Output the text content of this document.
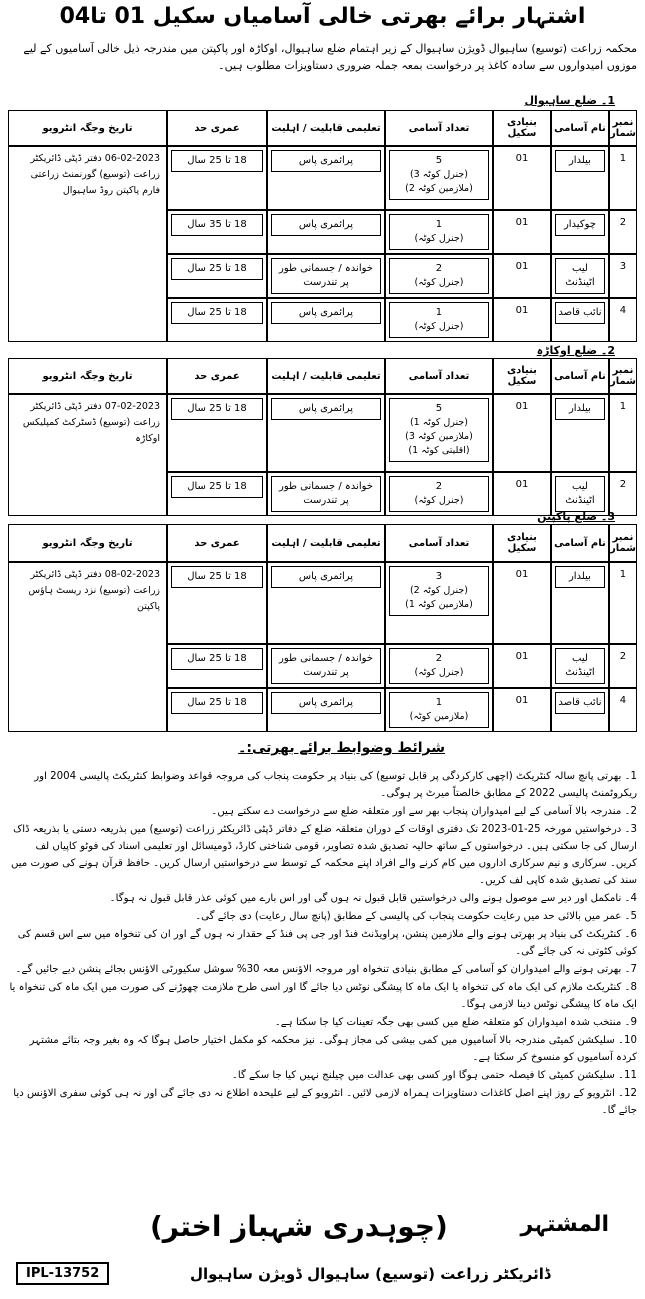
اشتہار برائے بھرتی خالی آسامیاں سکیل 01 تا04
محکمہ زراعت (توسیع) ساہیوال ڈویژن ساہیوال کے زیر اہتمام ضلع ساہیوال، اوکاڑہ اور پاکپتن میں مندرجہ ذیل خالی آسامیوں کے لیے موزوں امیدواروں سے سادہ کاغذ پر درخواست بمعہ جملہ ضروری دستاویزات مطلوب ہیں۔
1۔ ضلع ساہیوال
نمبر شمار	نام آسامی	بنیادی سکیل	تعداد آسامی	تعلیمی قابلیت / اہلیت	عمری حد	تاریخ وجگہ انٹرویو

1	بیلدار	01	5
(جنرل کوٹہ 3)
(ملازمین کوٹہ 2)	پرائمری پاس	18 تا 25 سال	06-02-2023 دفتر ڈپٹی ڈائریکٹر زراعت (توسیع) گورنمنٹ زراعتی فارم پاکپتن روڈ ساہیوال

2	چوکیدار	01	1
(جنرل کوٹہ)	پرائمری پاس	18 تا 35 سال	

3	لیب اٹینڈنٹ	01	2
(جنرل کوٹہ)	خواندہ / جسمانی طور پر تندرست	18 تا 25 سال	

4	نائب قاصد	01	1
(جنرل کوٹہ)	پرائمری پاس	18 تا 25 سال	
2۔ ضلع اوکاڑہ
نمبر شمار	نام آسامی	بنیادی سکیل	تعداد آسامی	تعلیمی قابلیت / اہلیت	عمری حد	تاریخ وجگہ انٹرویو

1	بیلدار	01	5
(جنرل کوٹہ 1)
(ملازمین کوٹہ 3)
(اقلیتی کوٹہ 1)	پرائمری پاس	18 تا 25 سال	07-02-2023 دفتر ڈپٹی ڈائریکٹر زراعت (توسیع) ڈسٹرکٹ کمپلیکس اوکاڑہ

2	لیب اٹینڈنٹ	01	2
(جنرل کوٹہ)	خواندہ / جسمانی طور پر تندرست	18 تا 25 سال	
3۔ ضلع پاکپتن
نمبر شمار	نام آسامی	بنیادی سکیل	تعداد آسامی	تعلیمی قابلیت / اہلیت	عمری حد	تاریخ وجگہ انٹرویو

1	بیلدار	01	3
(جنرل کوٹہ 2)
(ملازمین کوٹہ 1)	پرائمری پاس	18 تا 25 سال	08-02-2023 دفتر ڈپٹی ڈائریکٹر زراعت (توسیع) نزد ریسٹ ہاؤس پاکپتن

2	لیب اٹینڈنٹ	01	2
(جنرل کوٹہ)	خواندہ / جسمانی طور پر تندرست	18 تا 25 سال	

4	نائب قاصد	01	1
(ملازمین کوٹہ)	پرائمری پاس	18 تا 25 سال	
شرائط وضوابط برائے بھرتی:۔

1۔ بھرتی پانچ سالہ کنٹریکٹ (اچھی کارکردگی پر قابل توسیع) کی بنیاد پر حکومت پنجاب کی مروجہ قواعد وضوابط کنٹریکٹ پالیسی 2004 اور ریکروٹمنٹ پالیسی 2022 کے مطابق خالصتاً میرٹ پر ہوگی۔

2۔ مندرجہ بالا آسامی کے لیے امیدواران پنجاب بھر سے اور متعلقہ ضلع سے درخواست دے سکتے ہیں۔

3۔ درخواستیں مورخہ 25-01-2023 تک دفتری اوقات کے دوران متعلقہ ضلع کے دفاتر ڈپٹی ڈائریکٹر زراعت (توسیع) میں بذریعہ دستی یا بذریعہ ڈاک ارسال کی جا سکتی ہیں۔ درخواستوں کے ساتھ حالیہ تصدیق شدہ تصاویر، قومی شناختی کارڈ، ڈومیسائل اور تعلیمی اسناد کی فوٹو کاپیاں لف کریں۔ سرکاری و نیم سرکاری اداروں میں کام کرنے والے افراد اپنے محکمہ کے توسط سے درخواستیں ارسال کریں۔ حافظ قرآن ہونے کی صورت میں سند کی تصدیق شدہ کاپی لف کریں۔

4۔ نامکمل اور دیر سے موصول ہونے والی درخواستیں قابل قبول نہ ہوں گی اور اس بارے میں کوئی عذر قابل قبول نہ ہوگا۔

5۔ عمر میں بالائی حد میں رعایت حکومت پنجاب کی پالیسی کے مطابق (پانچ سال رعایت) دی جائے گی۔

6۔ کنٹریکٹ کی بنیاد پر بھرتی ہونے والے ملازمین پنشن، پراویڈنٹ فنڈ اور جی پی فنڈ کے حقدار نہ ہوں گے اور ان کی تنخواہ میں سے اس قسم کی کوئی کٹوتی نہ کی جائے گی۔

7۔ بھرتی ہونے والے امیدواران کو آسامی کے مطابق بنیادی تنخواہ اور مروجہ الاؤنس معہ 30% سوشل سکیورٹی الاؤنس بجائے پنشن دیے جائیں گے۔

8۔ کنٹریکٹ ملازم کی ایک ماہ کی تنخواہ یا ایک ماہ کا پیشگی نوٹس دیا جائے گا اور اسی طرح ملازمت چھوڑنے کی صورت میں ایک ماہ کی تنخواہ یا ایک ماہ کا پیشگی نوٹس دینا لازمی ہوگا۔

9۔ منتخب شدہ امیدواران کو متعلقہ ضلع میں کسی بھی جگہ تعینات کیا جا سکتا ہے۔

10۔ سلیکشن کمیٹی مندرجہ بالا آسامیوں میں کمی بیشی کی مجاز ہوگی۔ نیز محکمہ کو مکمل اختیار حاصل ہوگا کہ وہ بغیر وجہ بتائے مشتہر کردہ آسامیوں کو منسوخ کر سکتا ہے۔

11۔ سلیکشن کمیٹی کا فیصلہ حتمی ہوگا اور کسی بھی عدالت میں چیلنج نہیں کیا جا سکے گا۔

12۔ انٹرویو کے روز اپنے اصل کاغذات دستاویزات ہمراہ لازمی لائیں۔ انٹرویو کے لیے علیحدہ اطلاع نہ دی جائے گی اور نہ ہی کوئی سفری الاؤنس دیا جائے گا۔

المشتہر
(چوہدری شہباز اختر)
ڈائریکٹر زراعت (توسیع) ساہیوال ڈویژن ساہیوال
IPL-13752
